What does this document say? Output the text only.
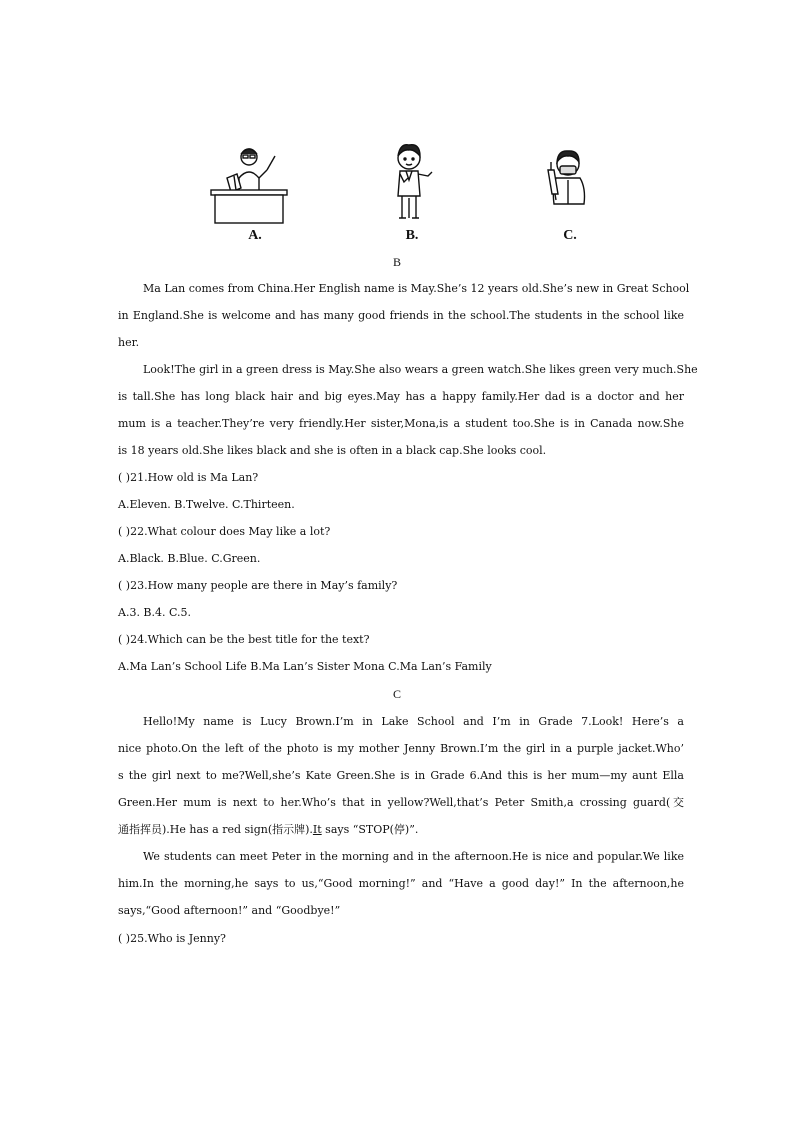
A.	B.	C.
B
Ma Lan comes from China.Her English name is May.She’s 12 years old.She’s new in Great School
in England.She is welcome and has many good friends in the school.The students in the school like
her.
Look!The girl in a green dress is May.She also wears a green watch.She likes green very much.She
is tall.She has long black hair and big eyes.May has a happy family.Her dad is a doctor and her
mum is a teacher.They’re very friendly.Her sister,Mona,is a student too.She is in Canada now.She
is 18 years old.She likes black and she is often in a black cap.She looks cool.
( )21.How old is Ma Lan?
A.Eleven. B.Twelve. C.Thirteen.
( )22.What colour does May like a lot?
A.Black. B.Blue. C.Green.
( )23.How many people are there in May’s family?
A.3. B.4. C.5.
( )24.Which can be the best title for the text?
A.Ma Lan’s School Life B.Ma Lan’s Sister Mona C.Ma Lan’s Family
C
Hello!My name is Lucy Brown.I’m in Lake School and I’m in Grade 7.Look! Here’s a
nice photo.On the left of the photo is my mother Jenny Brown.I’m the girl in a purple jacket.Who’
s the girl next to me?Well,she’s Kate Green.She is in Grade 6.And this is her mum—my aunt Ella
Green.Her mum is next to her.Who’s that in yellow?Well,that’s Peter Smith,a crossing guard(交
通指挥员).He has a red sign(指示牌).It says “STOP(停)”.
We students can meet Peter in the morning and in the afternoon.He is nice and popular.We like
him.In the morning,he says to us,“Good morning!” and “Have a good day!” In the afternoon,he
says,“Good afternoon!” and “Goodbye!”
( )25.Who is Jenny?
